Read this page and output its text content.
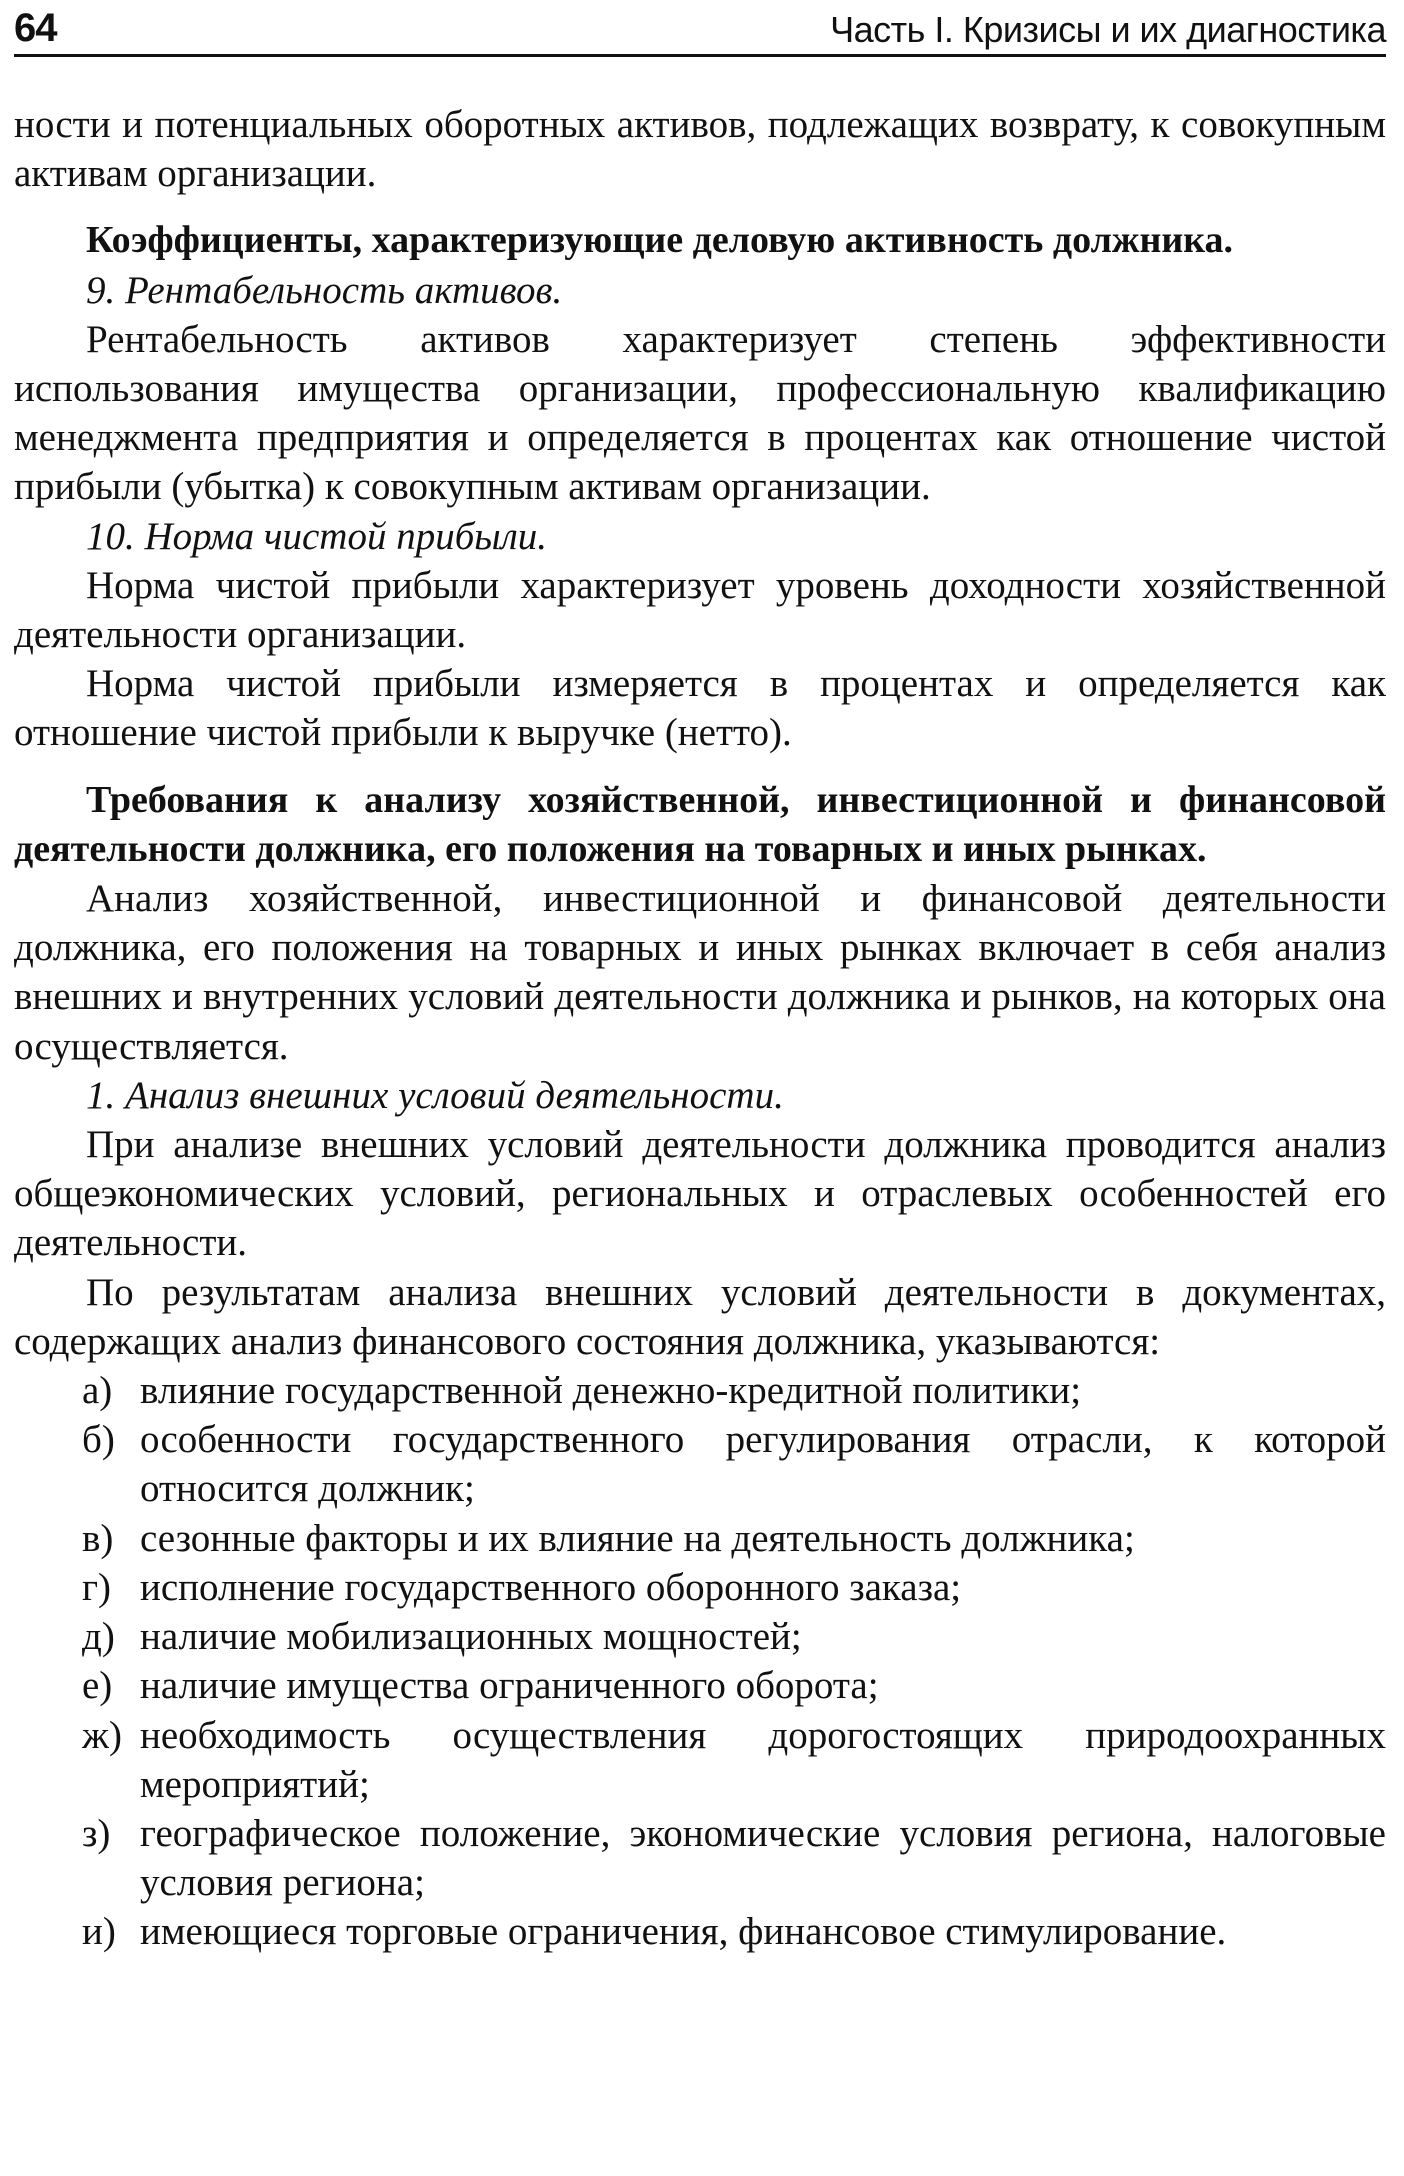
64	Часть I. Кризисы и их диагностика

ности и потенциальных оборотных активов, подлежащих возврату, к совокупным активам организации.

Коэффициенты, характеризующие деловую активность должника.

9. Рентабельность активов.

Рентабельность активов характеризует степень эффективности использования имущества организации, профессиональную квалификацию менеджмента предприятия и определяется в процентах как отношение чистой прибыли (убытка) к совокупным активам организации.

10. Норма чистой прибыли.

Норма чистой прибыли характеризует уровень доходности хозяйственной деятельности организации.

Норма чистой прибыли измеряется в процентах и определяется как отношение чистой прибыли к выручке (нетто).

Требования к анализу хозяйственной, инвестиционной и финансовой деятельности должника, его положения на товарных и иных рынках.

Анализ хозяйственной, инвестиционной и финансовой деятельности должника, его положения на товарных и иных рынках включает в себя анализ внешних и внутренних условий деятельности должника и рынков, на которых она осуществляется.

1. Анализ внешних условий деятельности.

При анализе внешних условий деятельности должника проводится анализ общеэкономических условий, региональных и отраслевых особенностей его деятельности.

По результатам анализа внешних условий деятельности в документах, содержащих анализ финансового состояния должника, указываются:

а) влияние государственной денежно-кредитной политики;
б) особенности государственного регулирования отрасли, к которой относится должник;
в) сезонные факторы и их влияние на деятельность должника;
г) исполнение государственного оборонного заказа;
д) наличие мобилизационных мощностей;
е) наличие имущества ограниченного оборота;
ж) необходимость осуществления дорогостоящих природоохранных мероприятий;
з) географическое положение, экономические условия региона, налоговые условия региона;
и) имеющиеся торговые ограничения, финансовое стимулирование.
